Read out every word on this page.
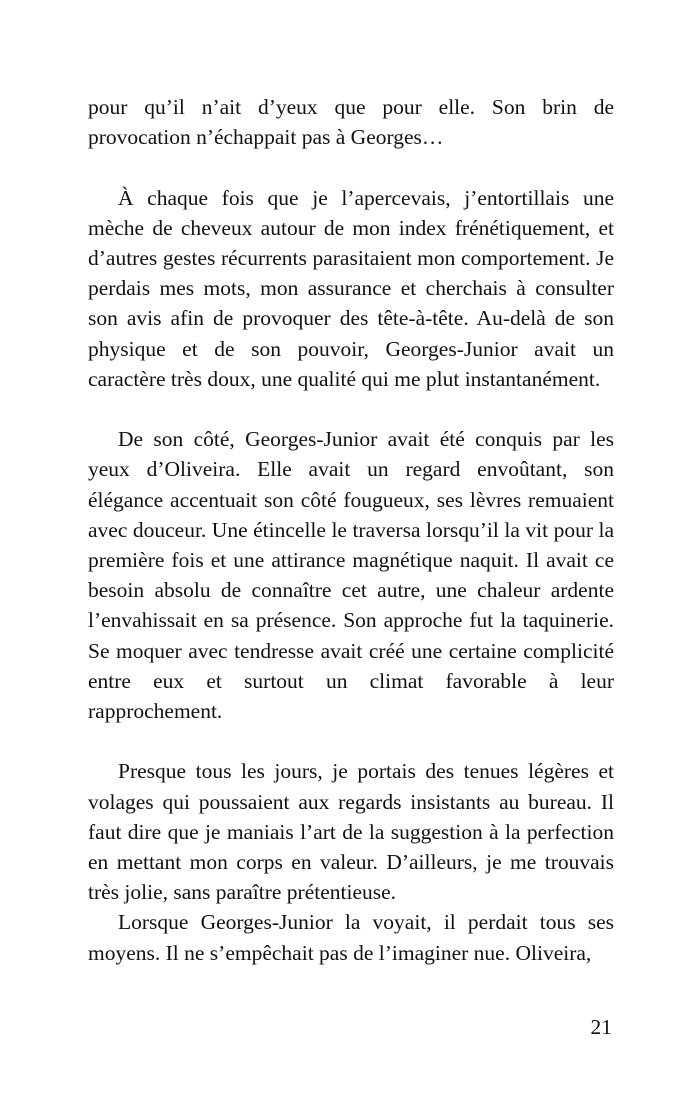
pour qu’il n’ait d’yeux que pour elle. Son brin de provocation n’échappait pas à Georges…

À chaque fois que je l’apercevais, j’entortillais une mèche de cheveux autour de mon index frénétiquement, et d’autres gestes récurrents parasitaient mon comportement. Je perdais mes mots, mon assurance et cherchais à consulter son avis afin de provoquer des tête-à-tête. Au-delà de son physique et de son pouvoir, Georges-Junior avait un caractère très doux, une qualité qui me plut instantanément.

De son côté, Georges-Junior avait été conquis par les yeux d’Oliveira. Elle avait un regard envoûtant, son élégance accentuait son côté fougueux, ses lèvres remuaient avec douceur. Une étincelle le traversa lorsqu’il la vit pour la première fois et une attirance magnétique naquit. Il avait ce besoin absolu de connaître cet autre, une chaleur ardente l’envahissait en sa présence. Son approche fut la taquinerie. Se moquer avec tendresse avait créé une certaine complicité entre eux et surtout un climat favorable à leur rapprochement.

Presque tous les jours, je portais des tenues légères et volages qui poussaient aux regards insistants au bureau. Il faut dire que je maniais l’art de la suggestion à la perfection en mettant mon corps en valeur. D’ailleurs, je me trouvais très jolie, sans paraître prétentieuse.

Lorsque Georges-Junior la voyait, il perdait tous ses moyens. Il ne s’empêchait pas de l’imaginer nue. Oliveira,

21
